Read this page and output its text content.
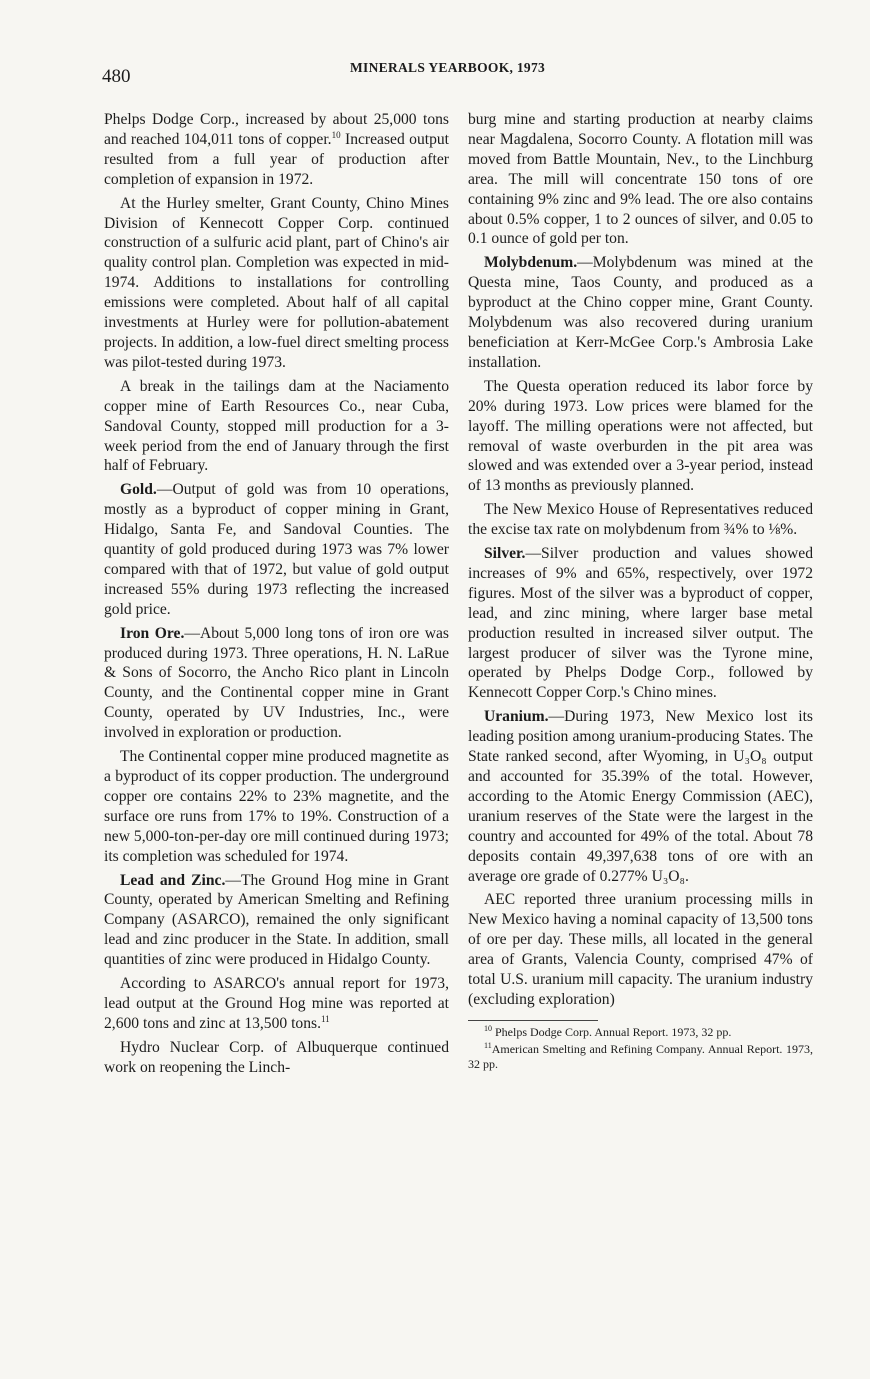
480	MINERALS YEARBOOK, 1973

Phelps Dodge Corp., increased by about 25,000 tons and reached 104,011 tons of copper.$^{10}$ Increased output resulted from a full year of production after completion of expansion in 1972.

At the Hurley smelter, Grant County, Chino Mines Division of Kennecott Copper Corp. continued construction of a sulfuric acid plant, part of Chino's air quality control plan. Completion was expected in mid-1974. Additions to installations for controlling emissions were completed. About half of all capital investments at Hurley were for pollution-abatement projects. In addition, a low-fuel direct smelting process was pilot-tested during 1973.

A break in the tailings dam at the Naciamento copper mine of Earth Resources Co., near Cuba, Sandoval County, stopped mill production for a 3-week period from the end of January through the first half of February.

Gold.—Output of gold was from 10 operations, mostly as a byproduct of copper mining in Grant, Hidalgo, Santa Fe, and Sandoval Counties. The quantity of gold produced during 1973 was 7% lower compared with that of 1972, but value of gold output increased 55% during 1973 reflecting the increased gold price.

Iron Ore.—About 5,000 long tons of iron ore was produced during 1973. Three operations, H. N. LaRue & Sons of Socorro, the Ancho Rico plant in Lincoln County, and the Continental copper mine in Grant County, operated by UV Industries, Inc., were involved in exploration or production.

The Continental copper mine produced magnetite as a byproduct of its copper production. The underground copper ore contains 22% to 23% magnetite, and the surface ore runs from 17% to 19%. Construction of a new 5,000-ton-per-day ore mill continued during 1973; its completion was scheduled for 1974.

Lead and Zinc.—The Ground Hog mine in Grant County, operated by American Smelting and Refining Company (ASARCO), remained the only significant lead and zinc producer in the State. In addition, small quantities of zinc were produced in Hidalgo County.

According to ASARCO's annual report for 1973, lead output at the Ground Hog mine was reported at 2,600 tons and zinc at 13,500 tons.$^{11}$

Hydro Nuclear Corp. of Albuquerque continued work on reopening the Linch-

burg mine and starting production at nearby claims near Magdalena, Socorro County. A flotation mill was moved from Battle Mountain, Nev., to the Linchburg area. The mill will concentrate 150 tons of ore containing 9% zinc and 9% lead. The ore also contains about 0.5% copper, 1 to 2 ounces of silver, and 0.05 to 0.1 ounce of gold per ton.

Molybdenum.—Molybdenum was mined at the Questa mine, Taos County, and produced as a byproduct at the Chino copper mine, Grant County. Molybdenum was also recovered during uranium beneficiation at Kerr-McGee Corp.'s Ambrosia Lake installation.

The Questa operation reduced its labor force by 20% during 1973. Low prices were blamed for the layoff. The milling operations were not affected, but removal of waste overburden in the pit area was slowed and was extended over a 3-year period, instead of 13 months as previously planned.

The New Mexico House of Representatives reduced the excise tax rate on molybdenum from ¾% to ⅛%.

Silver.—Silver production and values showed increases of 9% and 65%, respectively, over 1972 figures. Most of the silver was a byproduct of copper, lead, and zinc mining, where larger base metal production resulted in increased silver output. The largest producer of silver was the Tyrone mine, operated by Phelps Dodge Corp., followed by Kennecott Copper Corp.'s Chino mines.

Uranium.—During 1973, New Mexico lost its leading position among uranium-producing States. The State ranked second, after Wyoming, in U₃O₈ output and accounted for 35.39% of the total. However, according to the Atomic Energy Commission (AEC), uranium reserves of the State were the largest in the country and accounted for 49% of the total. About 78 deposits contain 49,397,638 tons of ore with an average ore grade of 0.277% U₃O₈.

AEC reported three uranium processing mills in New Mexico having a nominal capacity of 13,500 tons of ore per day. These mills, all located in the general area of Grants, Valencia County, comprised 47% of total U.S. uranium mill capacity. The uranium industry (excluding exploration)

$^{10}$ Phelps Dodge Corp. Annual Report. 1973, 32 pp.

$^{11}$American Smelting and Refining Company. Annual Report. 1973, 32 pp.
